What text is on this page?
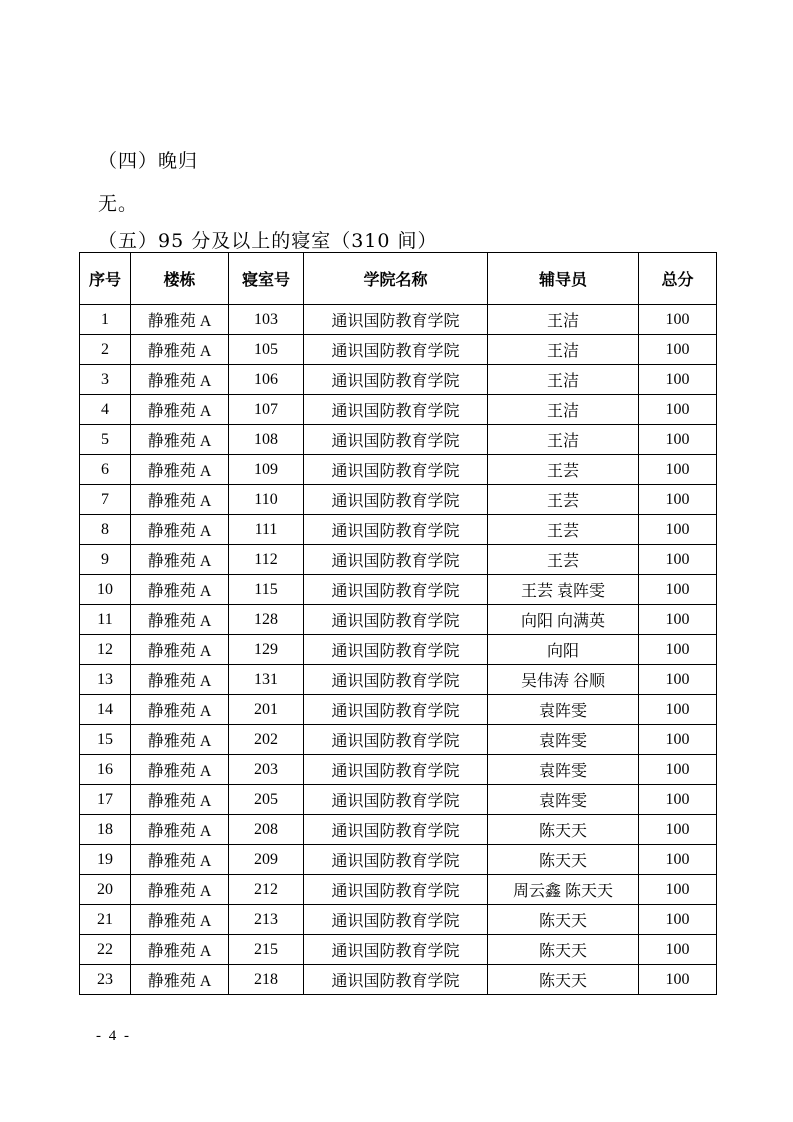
（四）晚归
无。
（五）95 分及以上的寝室（310 间）
序号	楼栋	寝室号	学院名称	辅导员	总分
1	静雅苑 A	103	通识国防教育学院	王洁	100
2	静雅苑 A	105	通识国防教育学院	王洁	100
3	静雅苑 A	106	通识国防教育学院	王洁	100
4	静雅苑 A	107	通识国防教育学院	王洁	100
5	静雅苑 A	108	通识国防教育学院	王洁	100
6	静雅苑 A	109	通识国防教育学院	王芸	100
7	静雅苑 A	110	通识国防教育学院	王芸	100
8	静雅苑 A	111	通识国防教育学院	王芸	100
9	静雅苑 A	112	通识国防教育学院	王芸	100
10	静雅苑 A	115	通识国防教育学院	王芸 袁阵雯	100
11	静雅苑 A	128	通识国防教育学院	向阳 向满英	100
12	静雅苑 A	129	通识国防教育学院	向阳	100
13	静雅苑 A	131	通识国防教育学院	吴伟涛 谷顺	100
14	静雅苑 A	201	通识国防教育学院	袁阵雯	100
15	静雅苑 A	202	通识国防教育学院	袁阵雯	100
16	静雅苑 A	203	通识国防教育学院	袁阵雯	100
17	静雅苑 A	205	通识国防教育学院	袁阵雯	100
18	静雅苑 A	208	通识国防教育学院	陈天天	100
19	静雅苑 A	209	通识国防教育学院	陈天天	100
20	静雅苑 A	212	通识国防教育学院	周云鑫 陈天天	100
21	静雅苑 A	213	通识国防教育学院	陈天天	100
22	静雅苑 A	215	通识国防教育学院	陈天天	100
23	静雅苑 A	218	通识国防教育学院	陈天天	100
- 4 -
